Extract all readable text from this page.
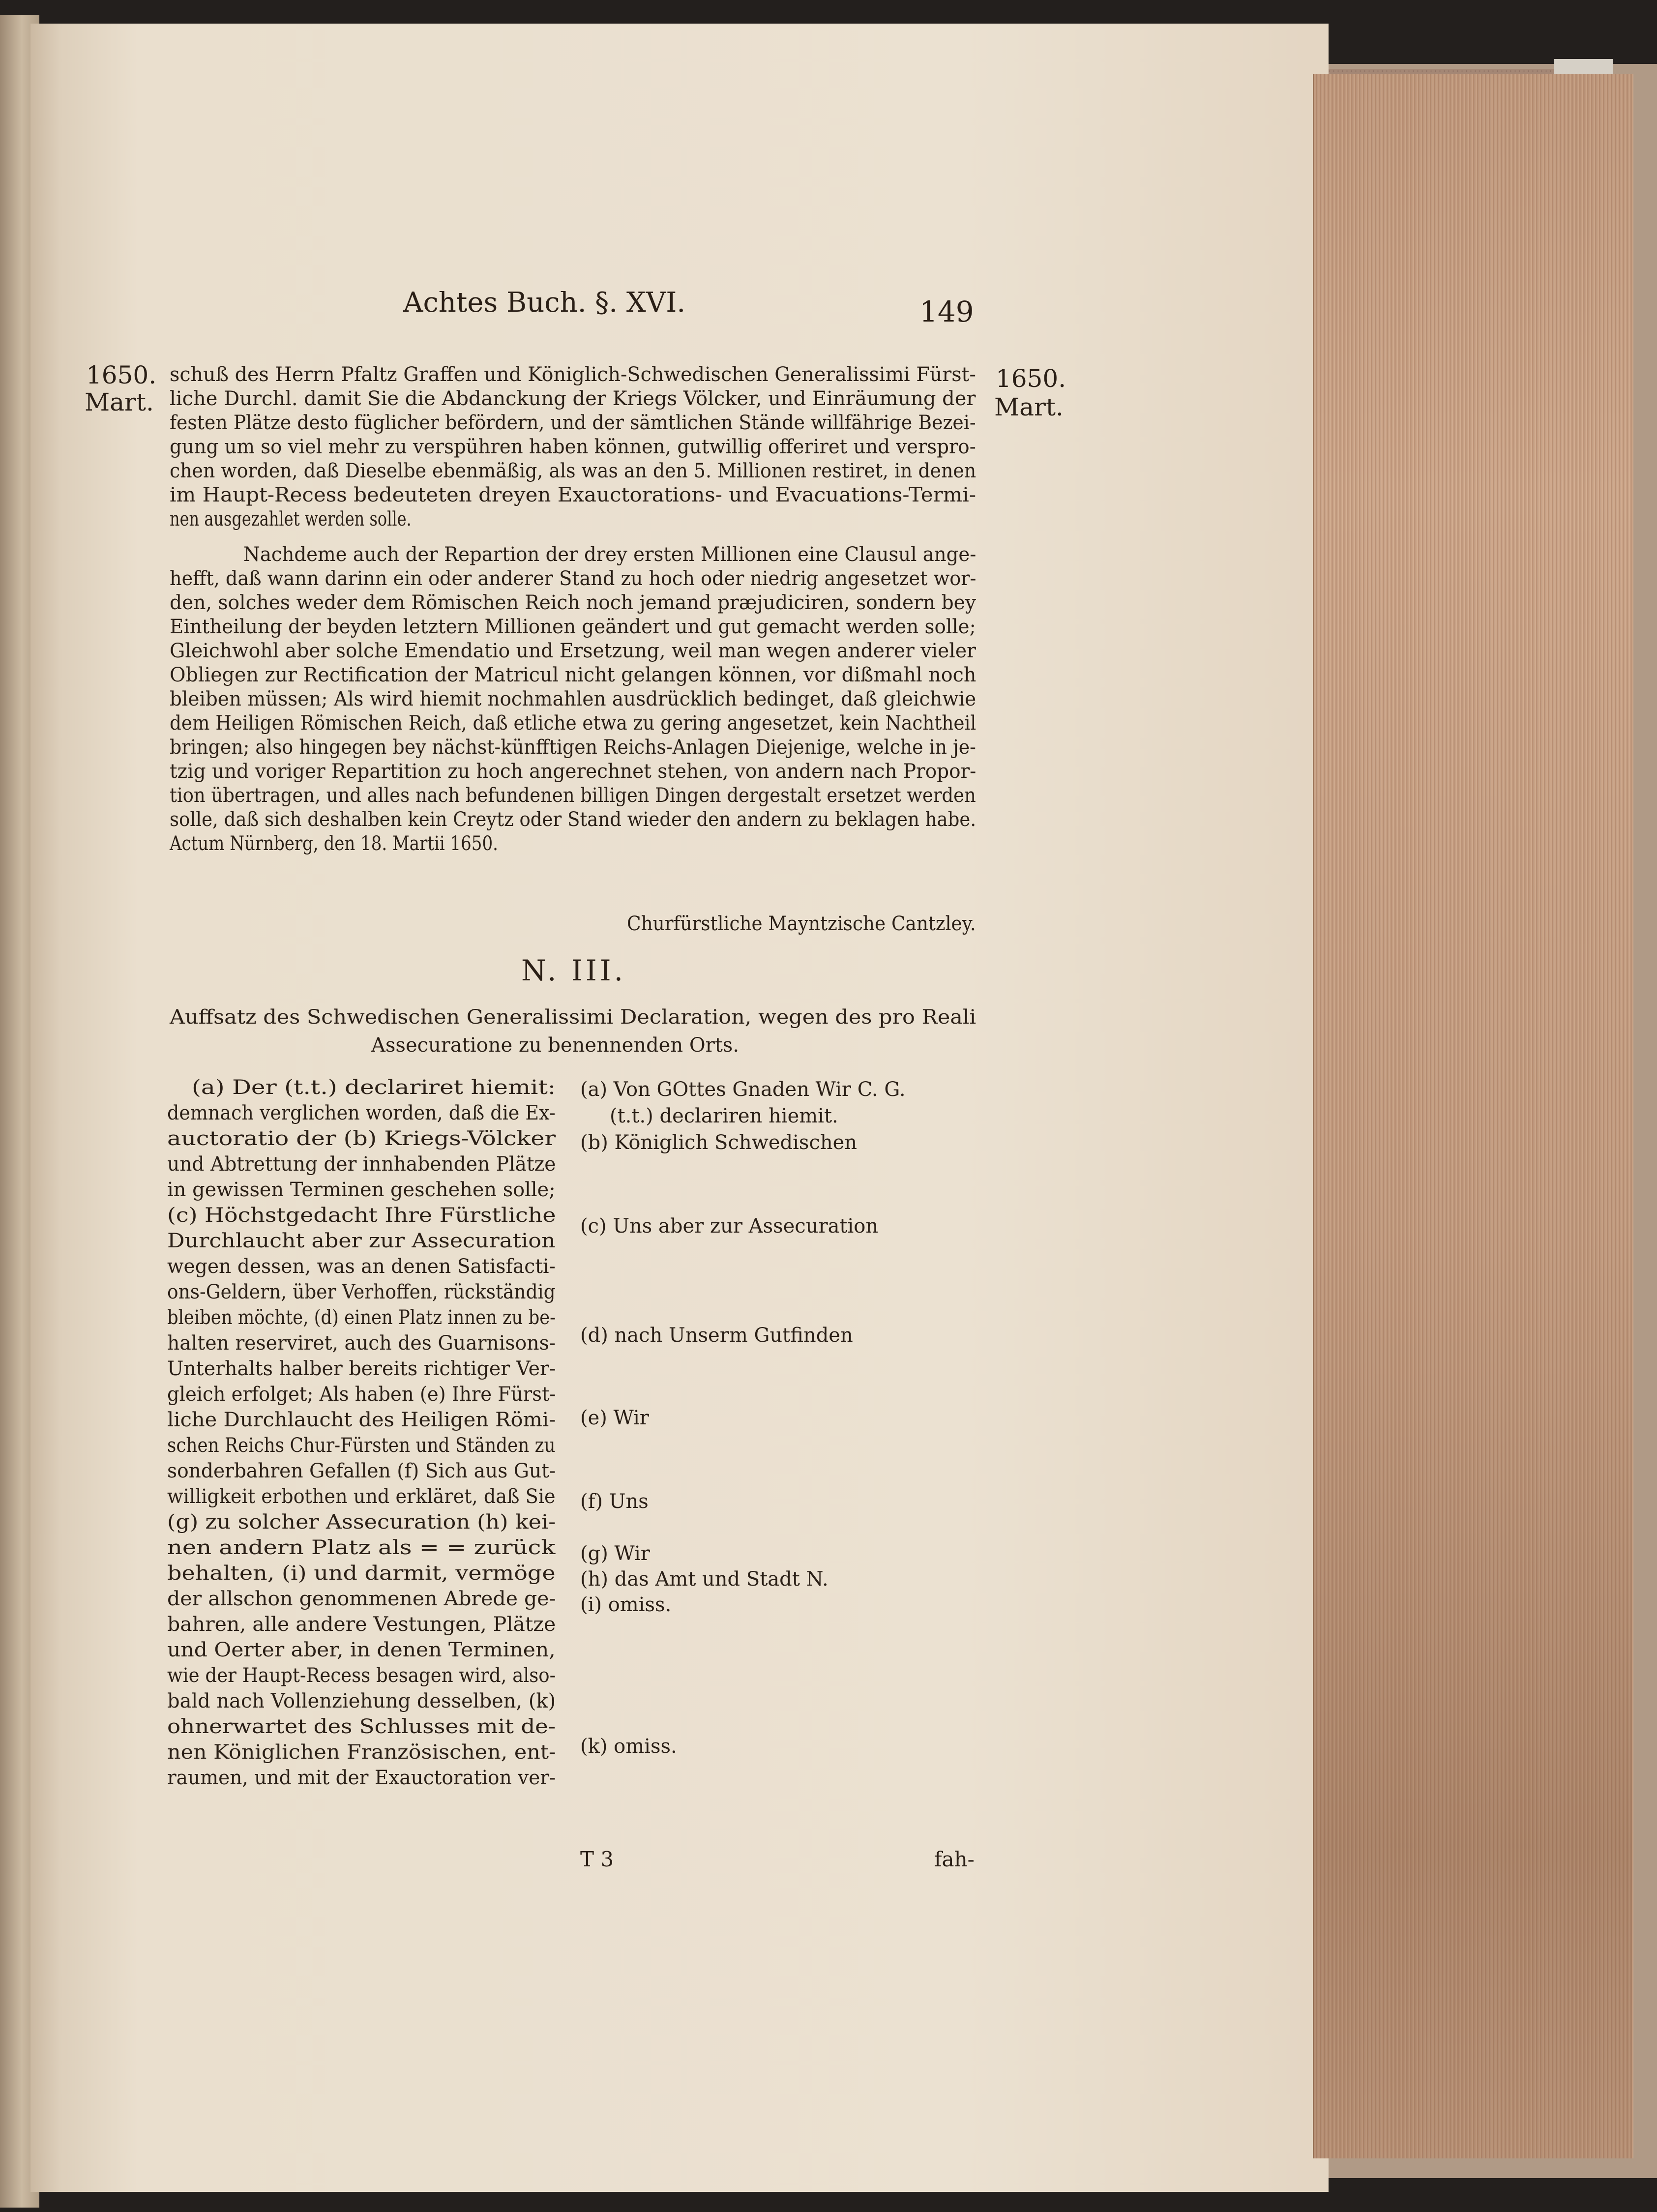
Achtes Buch. §. XVI.	149

1650.

Mart.

1650.

Mart.

schuß des Herrn Pfaltz Graffen und Königlich-Schwedischen Generalissimi Fürst-

liche Durchl. damit Sie die Abdanckung der Kriegs Völcker, und Einräumung der

festen Plätze desto füglicher befördern, und der sämtlichen Stände willfährige Bezei-

gung um so viel mehr zu verspühren haben können, gutwillig offeriret und verspro-

chen worden, daß Dieselbe ebenmäßig, als was an den 5. Millionen restiret, in denen

im Haupt-Recess bedeuteten dreyen Exauctorations- und Evacuations-Termi-

nen ausgezahlet werden solle.

Nachdeme auch der Repartion der drey ersten Millionen eine Clausul ange-

hefft, daß wann darinn ein oder anderer Stand zu hoch oder niedrig angesetzet wor-

den, solches weder dem Römischen Reich noch jemand præjudiciren, sondern bey

Eintheilung der beyden letztern Millionen geändert und gut gemacht werden solle;

Gleichwohl aber solche Emendatio und Ersetzung, weil man wegen anderer vieler

Obliegen zur Rectification der Matricul nicht gelangen können, vor dißmahl noch

bleiben müssen; Als wird hiemit nochmahlen ausdrücklich bedinget, daß gleichwie

dem Heiligen Römischen Reich, daß etliche etwa zu gering angesetzet, kein Nachtheil

bringen; also hingegen bey nächst-künfftigen Reichs-Anlagen Diejenige, welche in je-

tzig und voriger Repartition zu hoch angerechnet stehen, von andern nach Propor-

tion übertragen, und alles nach befundenen billigen Dingen dergestalt ersetzet werden

solle, daß sich deshalben kein Creytz oder Stand wieder den andern zu beklagen habe.

Actum Nürnberg, den 18. Martii 1650.

Churfürstliche Mayntzische Cantzley.

N. III.

Auffsatz des Schwedischen Generalissimi Declaration, wegen des pro Reali

Assecuratione zu benennenden Orts.

(a) Der (t.t.) declariret hiemit:

demnach verglichen worden, daß die Ex-

auctoratio der (b) Kriegs-Völcker

und Abtrettung der innhabenden Plätze

in gewissen Terminen geschehen solle;

(c) Höchstgedacht Ihre Fürstliche

Durchlaucht aber zur Assecuration

wegen dessen, was an denen Satisfacti-

ons-Geldern, über Verhoffen, rückständig

bleiben möchte, (d) einen Platz innen zu be-

halten reserviret, auch des Guarnisons-

Unterhalts halber bereits richtiger Ver-

gleich erfolget; Als haben (e) Ihre Fürst-

liche Durchlaucht des Heiligen Römi-

schen Reichs Chur-Fürsten und Ständen zu

sonderbahren Gefallen (f) Sich aus Gut-

willigkeit erbothen und erkläret, daß Sie

(g) zu solcher Assecuration (h) kei-

nen andern Platz als = = zurück

behalten, (i) und darmit, vermöge

der allschon genommenen Abrede ge-

bahren, alle andere Vestungen, Plätze

und Oerter aber, in denen Terminen,

wie der Haupt-Recess besagen wird, also-

bald nach Vollenziehung desselben, (k)

ohnerwartet des Schlusses mit de-

nen Königlichen Französischen, ent-

raumen, und mit der Exauctoration ver-

(a) Von GOttes Gnaden Wir C. G.

(t.t.) declariren hiemit.

(b) Königlich Schwedischen

(c) Uns aber zur Assecuration

(d) nach Unserm Gutfinden

(e) Wir

(f) Uns

(g) Wir

(h) das Amt und Stadt N.

(i) omiss.

(k) omiss.

T 3	fah-
